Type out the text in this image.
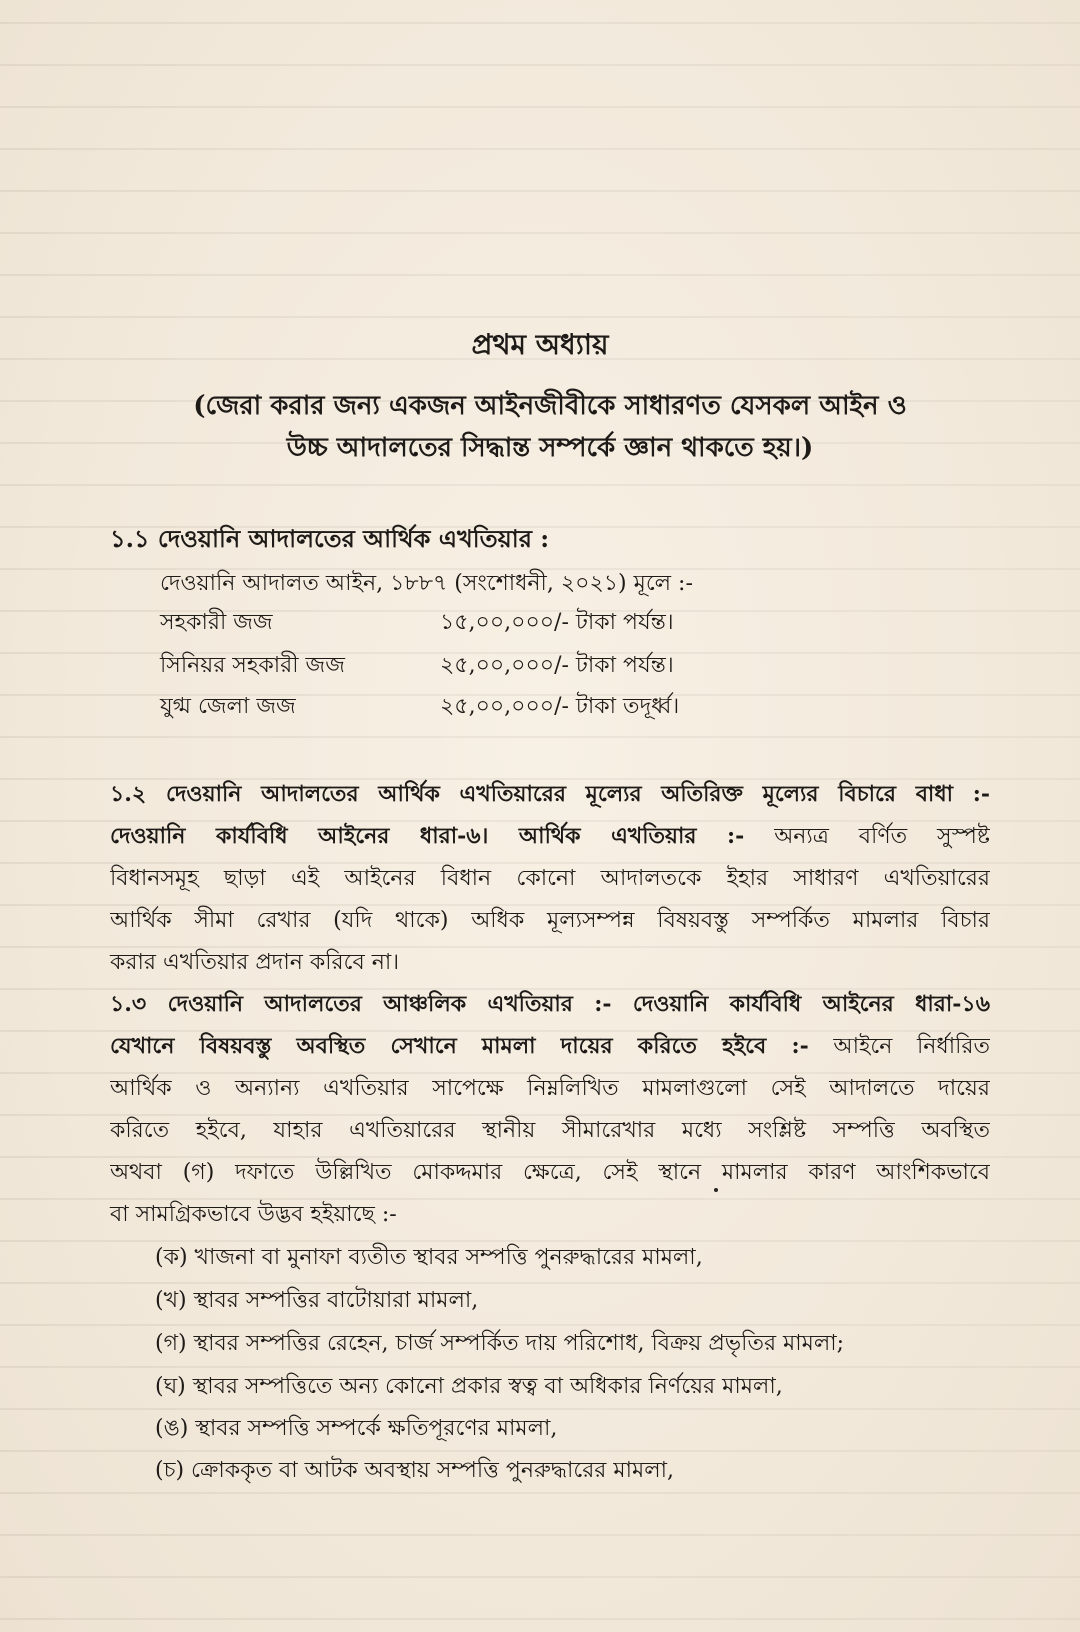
প্রথম অধ্যায়
(জেরা করার জন্য একজন আইনজীবীকে সাধারণত যেসকল আইন ও
উচ্চ আদালতের সিদ্ধান্ত সম্পর্কে জ্ঞান থাকতে হয়।)
১.১ দেওয়ানি আদালতের আর্থিক এখতিয়ার :
দেওয়ানি আদালত আইন, ১৮৮৭ (সংশোধনী, ২০২১) মূলে :-
সহকারী জজ	১৫,০০,০০০/- টাকা পর্যন্ত।
সিনিয়র সহকারী জজ	২৫,০০,০০০/- টাকা পর্যন্ত।
যুগ্ম জেলা জজ	২৫,০০,০০০/- টাকা তদূর্ধ্ব।
১.২ দেওয়ানি আদালতের আর্থিক এখতিয়ারের মূল্যের অতিরিক্ত মূল্যের বিচারে বাধা :-
দেওয়ানি কার্যবিধি আইনের ধারা-৬। আর্থিক এখতিয়ার :- অন্যত্র বর্ণিত সুস্পষ্ট
বিধানসমূহ ছাড়া এই আইনের বিধান কোনো আদালতকে ইহার সাধারণ এখতিয়ারের
আর্থিক সীমা রেখার (যদি থাকে) অধিক মূল্যসম্পন্ন বিষয়বস্তু সম্পর্কিত মামলার বিচার
করার এখতিয়ার প্রদান করিবে না।
১.৩ দেওয়ানি আদালতের আঞ্চলিক এখতিয়ার :- দেওয়ানি কার্যবিধি আইনের ধারা-১৬
যেখানে বিষয়বস্তু অবস্থিত সেখানে মামলা দায়ের করিতে হইবে :- আইনে নির্ধারিত
আর্থিক ও অন্যান্য এখতিয়ার সাপেক্ষে নিম্নলিখিত মামলাগুলো সেই আদালতে দায়ের
করিতে হইবে, যাহার এখতিয়ারের স্থানীয় সীমারেখার মধ্যে সংশ্লিষ্ট সম্পত্তি অবস্থিত
অথবা (গ) দফাতে উল্লিখিত মোকদ্দমার ক্ষেত্রে, সেই স্থানে মামলার কারণ আংশিকভাবে
বা সামগ্রিকভাবে উদ্ভব হইয়াছে :-
(ক) খাজনা বা মুনাফা ব্যতীত স্থাবর সম্পত্তি পুনরুদ্ধারের মামলা,
(খ) স্থাবর সম্পত্তির বাটোয়ারা মামলা,
(গ) স্থাবর সম্পত্তির রেহেন, চার্জ সম্পর্কিত দায় পরিশোধ, বিক্রয় প্রভৃতির মামলা;
(ঘ) স্থাবর সম্পত্তিতে অন্য কোনো প্রকার স্বত্ব বা অধিকার নির্ণয়ের মামলা,
(ঙ) স্থাবর সম্পত্তি সম্পর্কে ক্ষতিপূরণের মামলা,
(চ) ক্রোককৃত বা আটক অবস্থায় সম্পত্তি পুনরুদ্ধারের মামলা,
